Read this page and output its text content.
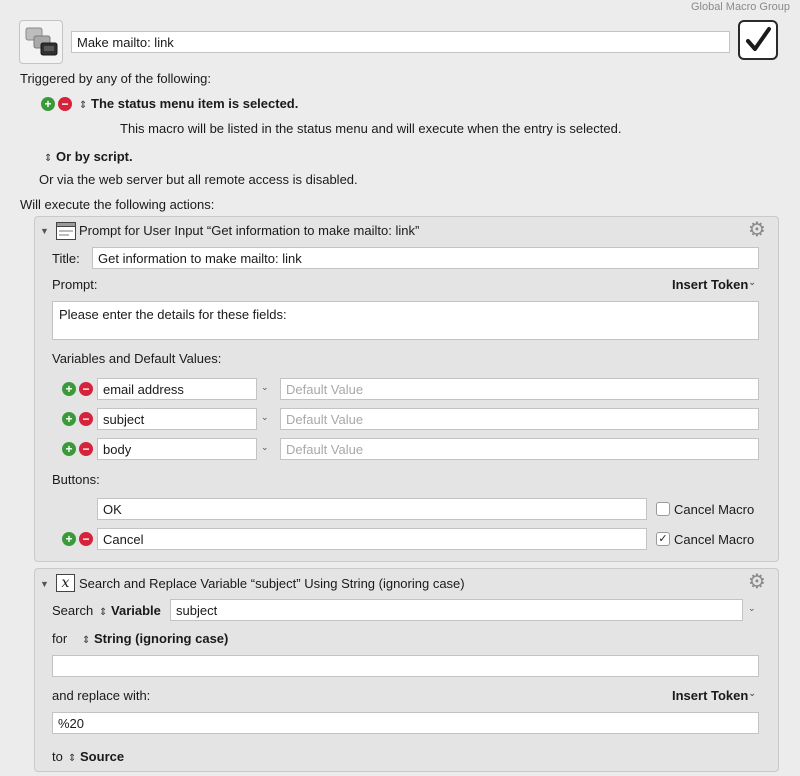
Global Macro Group
Make mailto: link
Triggered by any of the following:
+ −	⇕ The status menu item is selected.
This macro will be listed in the status menu and will execute when the entry is selected.
⇕ Or by script.
Or via the web server but all remote access is disabled.
Will execute the following actions:
▼ Prompt for User Input “Get information to make mailto: link”	⚙
Title:	Get information to make mailto: link
Prompt:	Insert Token ⌄
Please enter the details for these fields:
Variables and Default Values:
+ −	email address	⌄	Default Value
+ −	subject	⌄	Default Value
+ −	body	⌄	Default Value
Buttons:
OK	Cancel Macro
+ −	Cancel	✓ Cancel Macro
▼ 𝑥 Search and Replace Variable “subject” Using String (ignoring case)	⚙
Search ⇕ Variable	subject	⌄
for ⇕ String (ignoring case)
and replace with:	Insert Token ⌄
%20
to ⇕ Source
